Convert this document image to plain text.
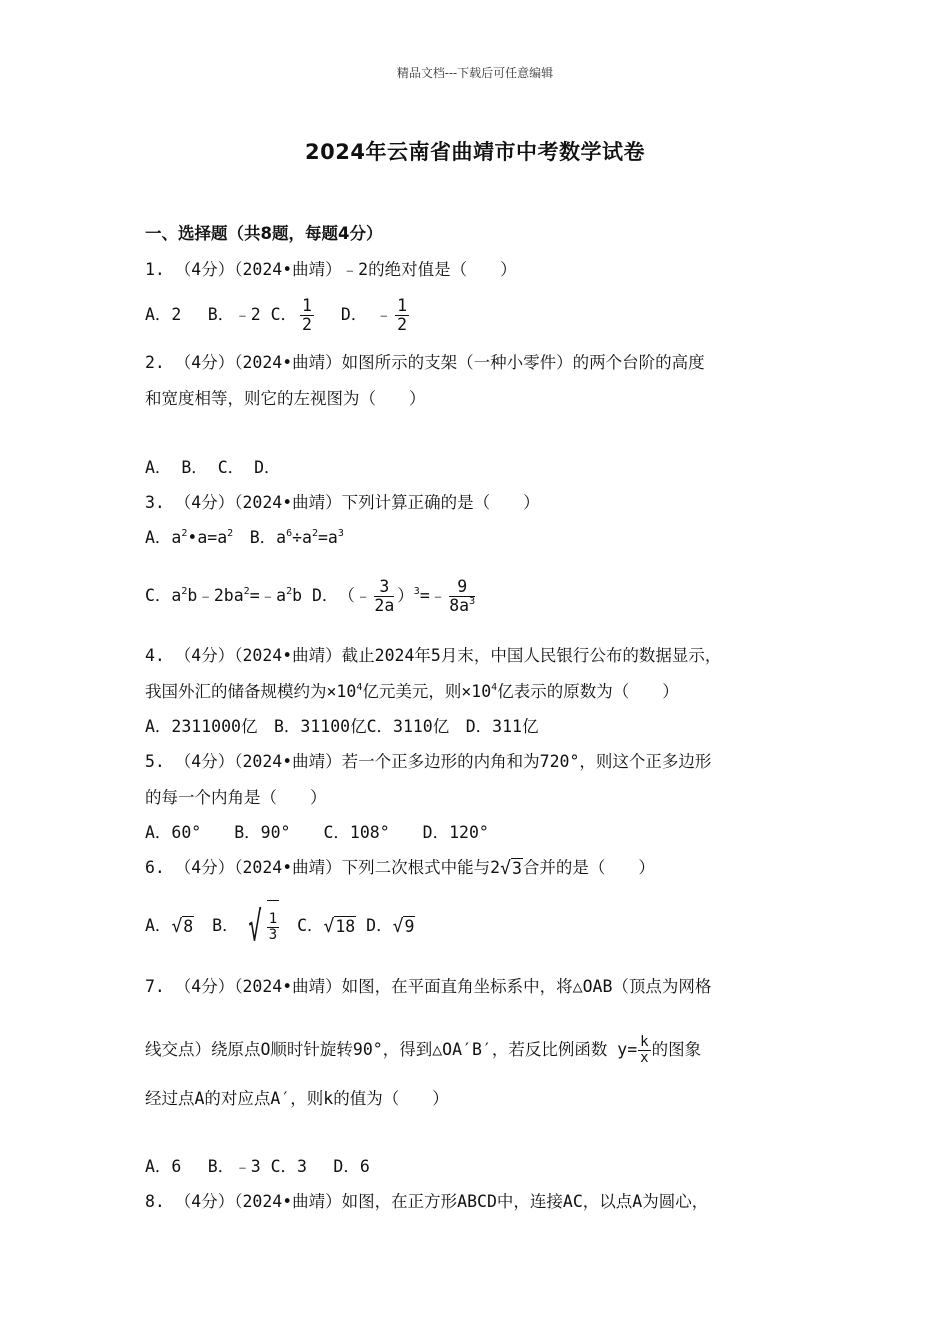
精品文档---下载后可任意编辑
2024年云南省曲靖市中考数学试卷
一、选择题（共8题，每题4分）
1. （4分）（2024•曲靖）﹣2的绝对值是（　　）
A．2　 B．﹣2 C． $\frac{1}{2}$ D．　﹣ $\frac{1}{2}$
2. （4分）（2024•曲靖）如图所示的支架（一种小零件）的两个台阶的高度
和宽度相等，则它的左视图为（　　）
A． B． C． D．
3. （4分）（2024•曲靖）下列计算正确的是（　　）
A．$a^2•a=a^2$　B．$a^6\div a^2=a^3$
C．$a^2b﹣2ba^2=﹣a^2b$ D．　（﹣ $\frac{3}{2a}$ ）$^3$=﹣ $\frac{9}{8a^3}$
4. （4分）（2024•曲靖）截止2024年5月末，中国人民银行公布的数据显示，
我国外汇的储备规模约为$\times 10^4$亿元美元，则$\times 10^4$亿表示的原数为（　　）
A．2311000亿　B．31100亿C．3110亿　D．311亿
5. （4分）（2024•曲靖）若一个正多边形的内角和为720°，则这个正多边形
的每一个内角是（　　）
A．60°　　B．90°　　C．108°　　D．120°
6. （4分）（2024•曲靖）下列二次根式中能与2√3合并的是（　　）
A．√8 B． √ $\frac{1}{3}$ C．√18 D．√9
7. （4分）（2024•曲靖）如图，在平面直角坐标系中，将△OAB（顶点为网格
线交点）绕原点O顺时针旋转90°，得到△OA′B′，若反比例函数 $y= \frac{k}{x}$ 的图象
经过点A的对应点A′，则k的值为（　　）
A．6　 B．﹣3 C．3　 D．6
8. （4分）（2024•曲靖）如图，在正方形ABCD中，连接AC，以点A为圆心，
